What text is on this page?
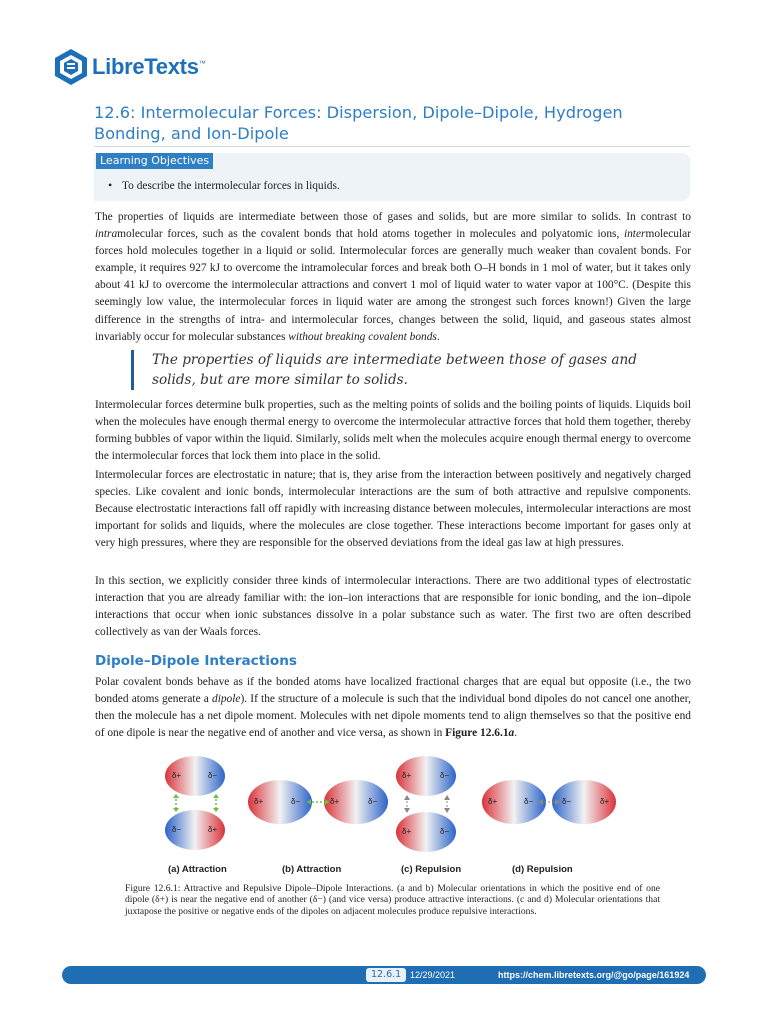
LibreTexts™
12.6: Intermolecular Forces: Dispersion, Dipole–Dipole, Hydrogen Bonding, and Ion-Dipole
Learning Objectives
• To describe the intermolecular forces in liquids.

The properties of liquids are intermediate between those of gases and solids, but are more similar to solids. In contrast to intramolecular forces, such as the covalent bonds that hold atoms together in molecules and polyatomic ions, intermolecular forces hold molecules together in a liquid or solid. Intermolecular forces are generally much weaker than covalent bonds. For example, it requires 927 kJ to overcome the intramolecular forces and break both O–H bonds in 1 mol of water, but it takes only about 41 kJ to overcome the intermolecular attractions and convert 1 mol of liquid water to water vapor at 100°C. (Despite this seemingly low value, the intermolecular forces in liquid water are among the strongest such forces known!) Given the large difference in the strengths of intra- and intermolecular forces, changes between the solid, liquid, and gaseous states almost invariably occur for molecular substances without breaking covalent bonds.

The properties of liquids are intermediate between those of gases and solids, but are more similar to solids.

Intermolecular forces determine bulk properties, such as the melting points of solids and the boiling points of liquids. Liquids boil when the molecules have enough thermal energy to overcome the intermolecular attractive forces that hold them together, thereby forming bubbles of vapor within the liquid. Similarly, solids melt when the molecules acquire enough thermal energy to overcome the intermolecular forces that lock them into place in the solid.

Intermolecular forces are electrostatic in nature; that is, they arise from the interaction between positively and negatively charged species. Like covalent and ionic bonds, intermolecular interactions are the sum of both attractive and repulsive components. Because electrostatic interactions fall off rapidly with increasing distance between molecules, intermolecular interactions are most important for solids and liquids, where the molecules are close together. These interactions become important for gases only at very high pressures, where they are responsible for the observed deviations from the ideal gas law at high pressures.

In this section, we explicitly consider three kinds of intermolecular interactions. There are two additional types of electrostatic interaction that you are already familiar with: the ion–ion interactions that are responsible for ionic bonding, and the ion–dipole interactions that occur when ionic substances dissolve in a polar substance such as water. The first two are often described collectively as van der Waals forces.

Dipole–Dipole Interactions

Polar covalent bonds behave as if the bonded atoms have localized fractional charges that are equal but opposite (i.e., the two bonded atoms generate a dipole). If the structure of a molecule is such that the individual bond dipoles do not cancel one another, then the molecule has a net dipole moment. Molecules with net dipole moments tend to align themselves so that the positive end of one dipole is near the negative end of another and vice versa, as shown in Figure 12.6.1a.

δ+	δ−
δ−	δ+
(a) Attraction
δ+	δ−	δ+	δ−
(b) Attraction
δ+	δ−
δ+	δ−
(c) Repulsion
δ+	δ−	δ−	δ+
(d) Repulsion

Figure 12.6.1: Attractive and Repulsive Dipole–Dipole Interactions. (a and b) Molecular orientations in which the positive end of one dipole (δ+) is near the negative end of another (δ−) (and vice versa) produce attractive interactions. (c and d) Molecular orientations that juxtapose the positive or negative ends of the dipoles on adjacent molecules produce repulsive interactions.

12.6.1 12/29/2021	https://chem.libretexts.org/@go/page/161924
